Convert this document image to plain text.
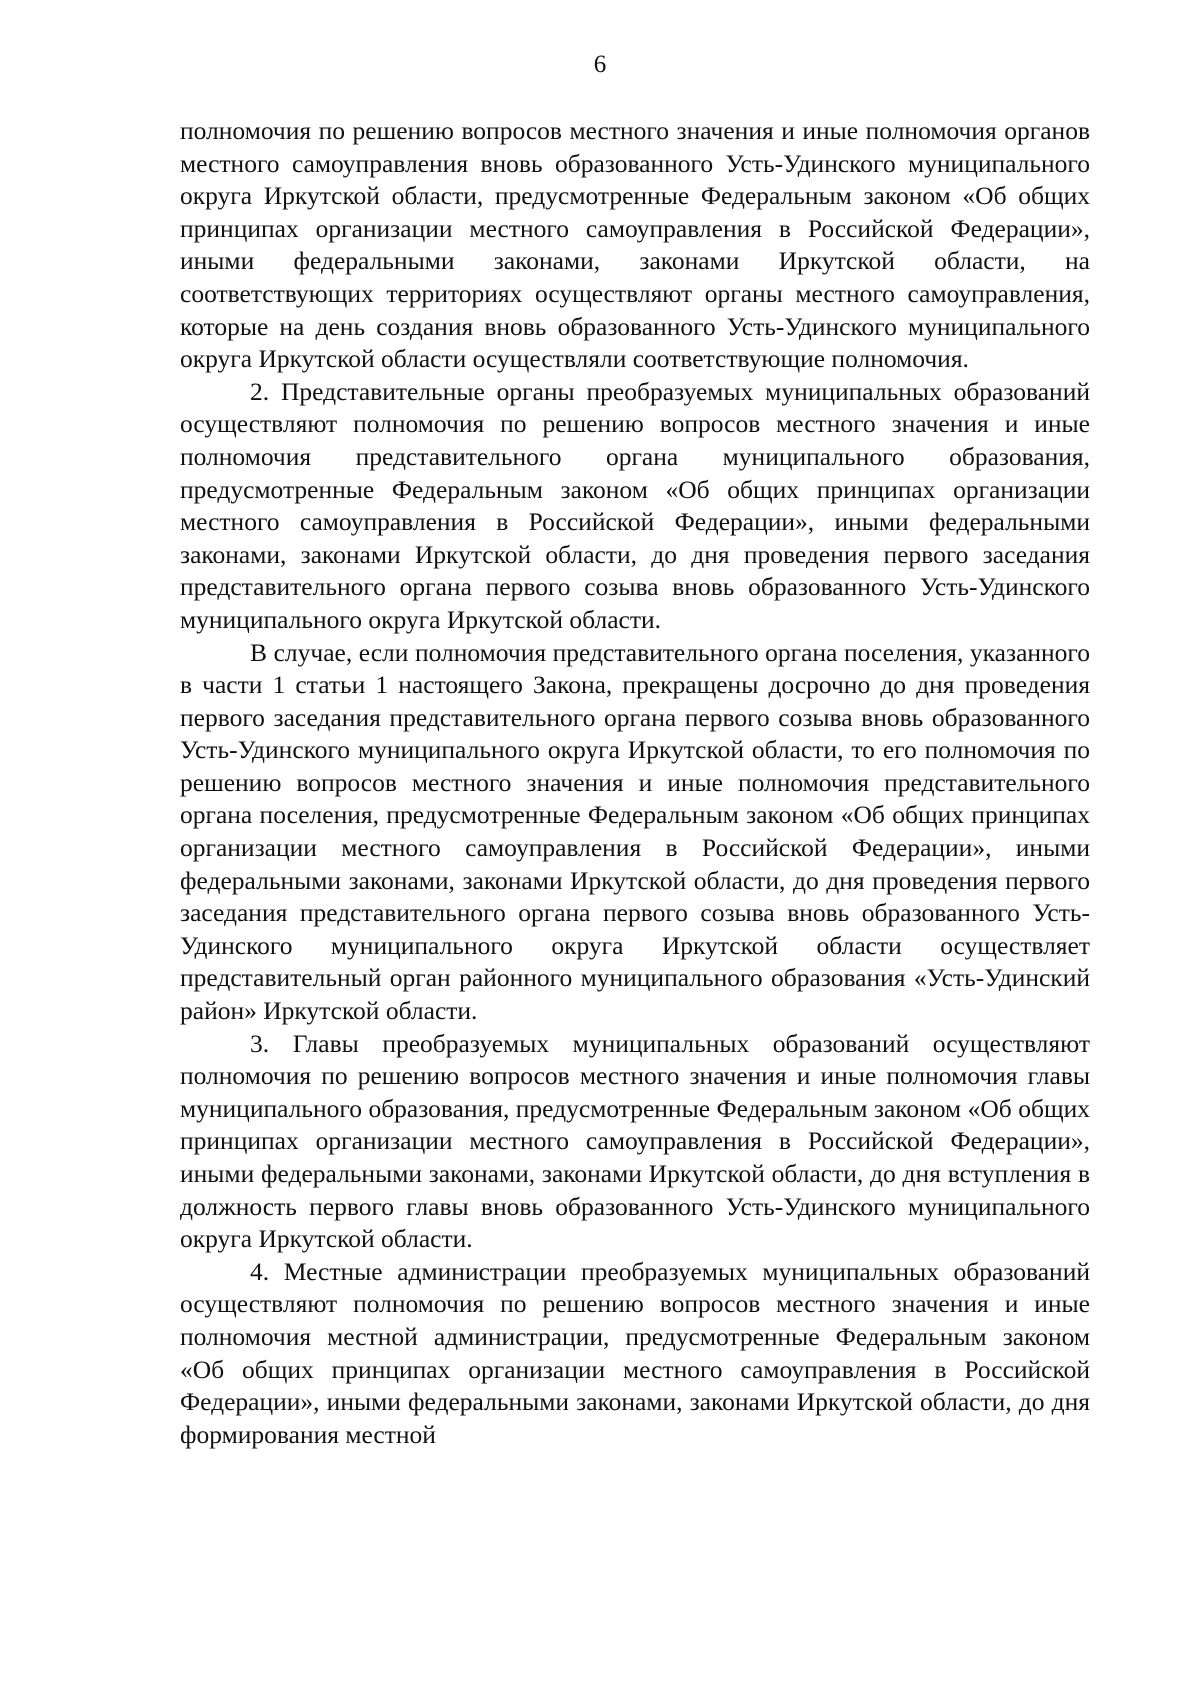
6

полномочия по решению вопросов местного значения и иные полномочия органов местного самоуправления вновь образованного Усть-Удинского муниципального округа Иркутской области, предусмотренные Федеральным законом «Об общих принципах организации местного самоуправления в Российской Федерации», иными федеральными законами, законами Иркутской области, на соответствующих территориях осуществляют органы местного самоуправления, которые на день создания вновь образованного Усть-Удинского муниципального округа Иркутской области осуществляли соответствующие полномочия.

2. Представительные органы преобразуемых муниципальных образований осуществляют полномочия по решению вопросов местного значения и иные полномочия представительного органа муниципального образования, предусмотренные Федеральным законом «Об общих принципах организации местного самоуправления в Российской Федерации», иными федеральными законами, законами Иркутской области, до дня проведения первого заседания представительного органа первого созыва вновь образованного Усть-Удинского муниципального округа Иркутской области.

В случае, если полномочия представительного органа поселения, указанного в части 1 статьи 1 настоящего Закона, прекращены досрочно до дня проведения первого заседания представительного органа первого созыва вновь образованного Усть-Удинского муниципального округа Иркутской области, то его полномочия по решению вопросов местного значения и иные полномочия представительного органа поселения, предусмотренные Федеральным законом «Об общих принципах организации местного самоуправления в Российской Федерации», иными федеральными законами, законами Иркутской области, до дня проведения первого заседания представительного органа первого созыва вновь образованного Усть-Удинского муниципального округа Иркутской области осуществляет представительный орган районного муниципального образования «Усть-Удинский район» Иркутской области.

3. Главы преобразуемых муниципальных образований осуществляют полномочия по решению вопросов местного значения и иные полномочия главы муниципального образования, предусмотренные Федеральным законом «Об общих принципах организации местного самоуправления в Российской Федерации», иными федеральными законами, законами Иркутской области, до дня вступления в должность первого главы вновь образованного Усть-Удинского муниципального округа Иркутской области.

4. Местные администрации преобразуемых муниципальных образований осуществляют полномочия по решению вопросов местного значения и иные полномочия местной администрации, предусмотренные Федеральным законом «Об общих принципах организации местного самоуправления в Российской Федерации», иными федеральными законами, законами Иркутской области, до дня формирования местной
